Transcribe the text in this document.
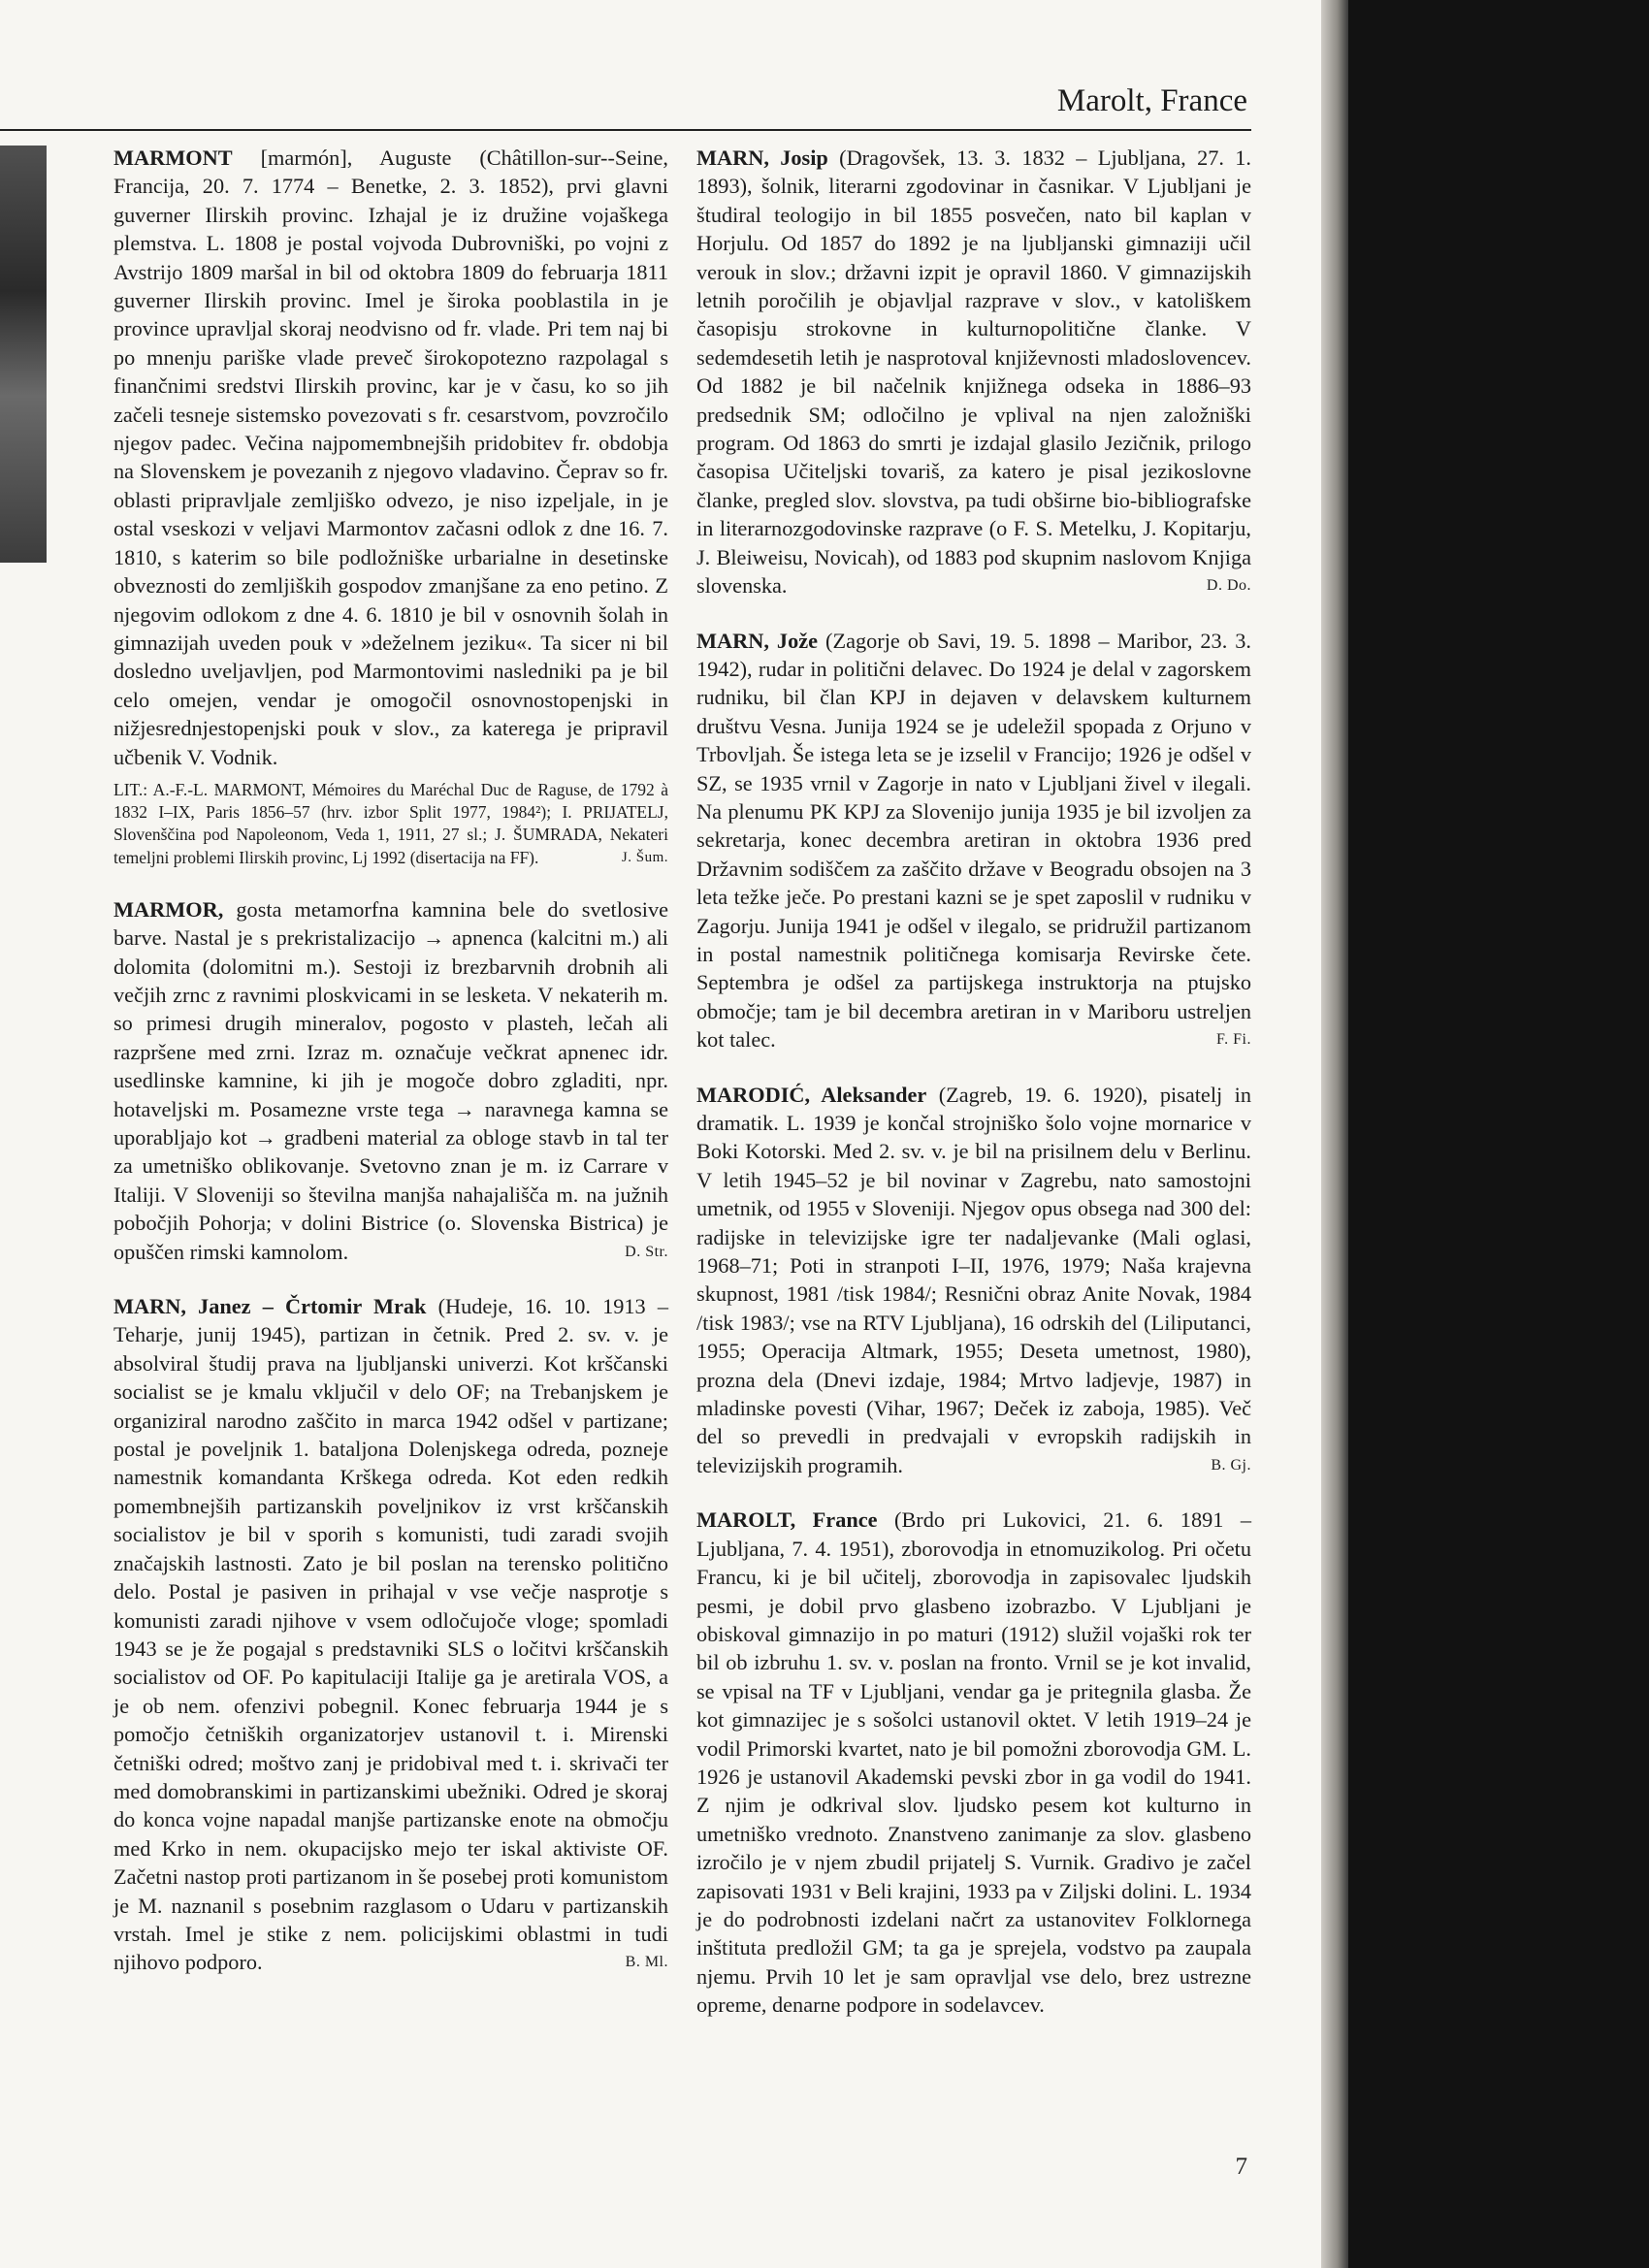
Marolt, France

MARMONT [marmón], Auguste (Châtillon-sur--Seine, Francija, 20. 7. 1774 – Benetke, 2. 3. 1852), prvi glavni guverner Ilirskih provinc. Izhajal je iz družine vojaškega plemstva. L. 1808 je postal vojvoda Dubrovniški, po vojni z Avstrijo 1809 maršal in bil od oktobra 1809 do februarja 1811 guverner Ilirskih provinc. Imel je široka pooblastila in je province upravljal skoraj neodvisno od fr. vlade. Pri tem naj bi po mnenju pariške vlade preveč širokopotezno razpolagal s finančnimi sredstvi Ilirskih provinc, kar je v času, ko so jih začeli tesneje sistemsko povezovati s fr. cesarstvom, povzročilo njegov padec. Večina najpomembnejših pridobitev fr. obdobja na Slovenskem je povezanih z njegovo vladavino. Čeprav so fr. oblasti pripravljale zemljiško odvezo, je niso izpeljale, in je ostal vseskozi v veljavi Marmontov začasni odlok z dne 16. 7. 1810, s katerim so bile podložniške urbarialne in desetinske obveznosti do zemljiških gospodov zmanjšane za eno petino. Z njegovim odlokom z dne 4. 6. 1810 je bil v osnovnih šolah in gimnazijah uveden pouk v »deželnem jeziku«. Ta sicer ni bil dosledno uveljavljen, pod Marmontovimi nasledniki pa je bil celo omejen, vendar je omogočil osnovnostopenjski in nižjesrednjestopenjski pouk v slov., za katerega je pripravil učbenik V. Vodnik.

LIT.: A.-F.-L. MARMONT, Mémoires du Maréchal Duc de Raguse, de 1792 à 1832 I–IX, Paris 1856–57 (hrv. izbor Split 1977, 1984²); I. PRIJATELJ, Slovenščina pod Napoleonom, Veda 1, 1911, 27 sl.; J. ŠUMRADA, Nekateri temeljni problemi Ilirskih provinc, Lj 1992 (disertacija na FF).	J. Šum.

MARMOR, gosta metamorfna kamnina bele do svetlosive barve. Nastal je s prekristalizacijo → apnenca (kalcitni m.) ali dolomita (dolomitni m.). Sestoji iz brezbarvnih drobnih ali večjih zrnc z ravnimi ploskvicami in se lesketa. V nekaterih m. so primesi drugih mineralov, pogosto v plasteh, lečah ali razpršene med zrni. Izraz m. označuje večkrat apnenec idr. usedlinske kamnine, ki jih je mogoče dobro zgladiti, npr. hotaveljski m. Posamezne vrste tega → naravnega kamna se uporabljajo kot → gradbeni material za obloge stavb in tal ter za umetniško oblikovanje. Svetovno znan je m. iz Carrare v Italiji. V Sloveniji so številna manjša nahajališča m. na južnih pobočjih Pohorja; v dolini Bistrice (o. Slovenska Bistrica) je opuščen rimski kamnolom.	D. Str.

MARN, Janez – Črtomir Mrak (Hudeje, 16. 10. 1913 – Teharje, junij 1945), partizan in četnik. Pred 2. sv. v. je absolviral študij prava na ljubljanski univerzi. Kot krščanski socialist se je kmalu vključil v delo OF; na Trebanjskem je organiziral narodno zaščito in marca 1942 odšel v partizane; postal je poveljnik 1. bataljona Dolenjskega odreda, pozneje namestnik komandanta Krškega odreda. Kot eden redkih pomembnejših partizanskih poveljnikov iz vrst krščanskih socialistov je bil v sporih s komunisti, tudi zaradi svojih značajskih lastnosti. Zato je bil poslan na terensko politično delo. Postal je pasiven in prihajal v vse večje nasprotje s komunisti zaradi njihove v vsem odločujoče vloge; spomladi 1943 se je že pogajal s predstavniki SLS o ločitvi krščanskih socialistov od OF. Po kapitulaciji Italije ga je aretirala VOS, a je ob nem. ofenzivi pobegnil. Konec februarja 1944 je s pomočjo četniških organizatorjev ustanovil t. i. Mirenski četniški odred; moštvo zanj je pridobival med t. i. skrivači ter med domobranskimi in partizanskimi ubežniki. Odred je skoraj do konca vojne napadal manjše partizanske enote na območju med Krko in nem. okupacijsko mejo ter iskal aktiviste OF. Začetni nastop proti partizanom in še posebej proti komunistom je M. naznanil s posebnim razglasom o Udaru v partizanskih vrstah. Imel je stike z nem. policijskimi oblastmi in tudi njihovo podporo.	B. Ml.

MARN, Josip (Dragovšek, 13. 3. 1832 – Ljubljana, 27. 1. 1893), šolnik, literarni zgodovinar in časnikar. V Ljubljani je študiral teologijo in bil 1855 posvečen, nato bil kaplan v Horjulu. Od 1857 do 1892 je na ljubljanski gimnaziji učil verouk in slov.; državni izpit je opravil 1860. V gimnazijskih letnih poročilih je objavljal razprave v slov., v katoliškem časopisju strokovne in kulturnopolitične članke. V sedemdesetih letih je nasprotoval književnosti mladoslovencev. Od 1882 je bil načelnik knjižnega odseka in 1886–93 predsednik SM; odločilno je vplival na njen založniški program. Od 1863 do smrti je izdajal glasilo Jezičnik, prilogo časopisa Učiteljski tovariš, za katero je pisal jezikoslovne članke, pregled slov. slovstva, pa tudi obširne bio-bibliografske in literarnozgodovinske razprave (o F. S. Metelku, J. Kopitarju, J. Bleiweisu, Novicah), od 1883 pod skupnim naslovom Knjiga slovenska.	D. Do.

MARN, Jože (Zagorje ob Savi, 19. 5. 1898 – Maribor, 23. 3. 1942), rudar in politični delavec. Do 1924 je delal v zagorskem rudniku, bil član KPJ in dejaven v delavskem kulturnem društvu Vesna. Junija 1924 se je udeležil spopada z Orjuno v Trbovljah. Še istega leta se je izselil v Francijo; 1926 je odšel v SZ, se 1935 vrnil v Zagorje in nato v Ljubljani živel v ilegali. Na plenumu PK KPJ za Slovenijo junija 1935 je bil izvoljen za sekretarja, konec decembra aretiran in oktobra 1936 pred Državnim sodiščem za zaščito države v Beogradu obsojen na 3 leta težke ječe. Po prestani kazni se je spet zaposlil v rudniku v Zagorju. Junija 1941 je odšel v ilegalo, se pridružil partizanom in postal namestnik političnega komisarja Revirske čete. Septembra je odšel za partijskega instruktorja na ptujsko območje; tam je bil decembra aretiran in v Mariboru ustreljen kot talec.	F. Fi.

MARODIĆ, Aleksander (Zagreb, 19. 6. 1920), pisatelj in dramatik. L. 1939 je končal strojniško šolo vojne mornarice v Boki Kotorski. Med 2. sv. v. je bil na prisilnem delu v Berlinu. V letih 1945–52 je bil novinar v Zagrebu, nato samostojni umetnik, od 1955 v Sloveniji. Njegov opus obsega nad 300 del: radijske in televizijske igre ter nadaljevanke (Mali oglasi, 1968–71; Poti in stranpoti I–II, 1976, 1979; Naša krajevna skupnost, 1981 /tisk 1984/; Resnični obraz Anite Novak, 1984 /tisk 1983/; vse na RTV Ljubljana), 16 odrskih del (Liliputanci, 1955; Operacija Altmark, 1955; Deseta umetnost, 1980), prozna dela (Dnevi izdaje, 1984; Mrtvo ladjevje, 1987) in mladinske povesti (Vihar, 1967; Deček iz zaboja, 1985). Več del so prevedli in predvajali v evropskih radijskih in televizijskih programih.	B. Gj.

MAROLT, France (Brdo pri Lukovici, 21. 6. 1891 – Ljubljana, 7. 4. 1951), zborovodja in etnomuzikolog. Pri očetu Francu, ki je bil učitelj, zborovodja in zapisovalec ljudskih pesmi, je dobil prvo glasbeno izobrazbo. V Ljubljani je obiskoval gimnazijo in po maturi (1912) služil vojaški rok ter bil ob izbruhu 1. sv. v. poslan na fronto. Vrnil se je kot invalid, se vpisal na TF v Ljubljani, vendar ga je pritegnila glasba. Že kot gimnazijec je s sošolci ustanovil oktet. V letih 1919–24 je vodil Primorski kvartet, nato je bil pomožni zborovodja GM. L. 1926 je ustanovil Akademski pevski zbor in ga vodil do 1941. Z njim je odkrival slov. ljudsko pesem kot kulturno in umetniško vrednoto. Znanstveno zanimanje za slov. glasbeno izročilo je v njem zbudil prijatelj S. Vurnik. Gradivo je začel zapisovati 1931 v Beli krajini, 1933 pa v Ziljski dolini. L. 1934 je do podrobnosti izdelani načrt za ustanovitev Folklornega inštituta predložil GM; ta ga je sprejela, vodstvo pa zaupala njemu. Prvih 10 let je sam opravljal vse delo, brez ustrezne opreme, denarne podpore in sodelavcev.

7
